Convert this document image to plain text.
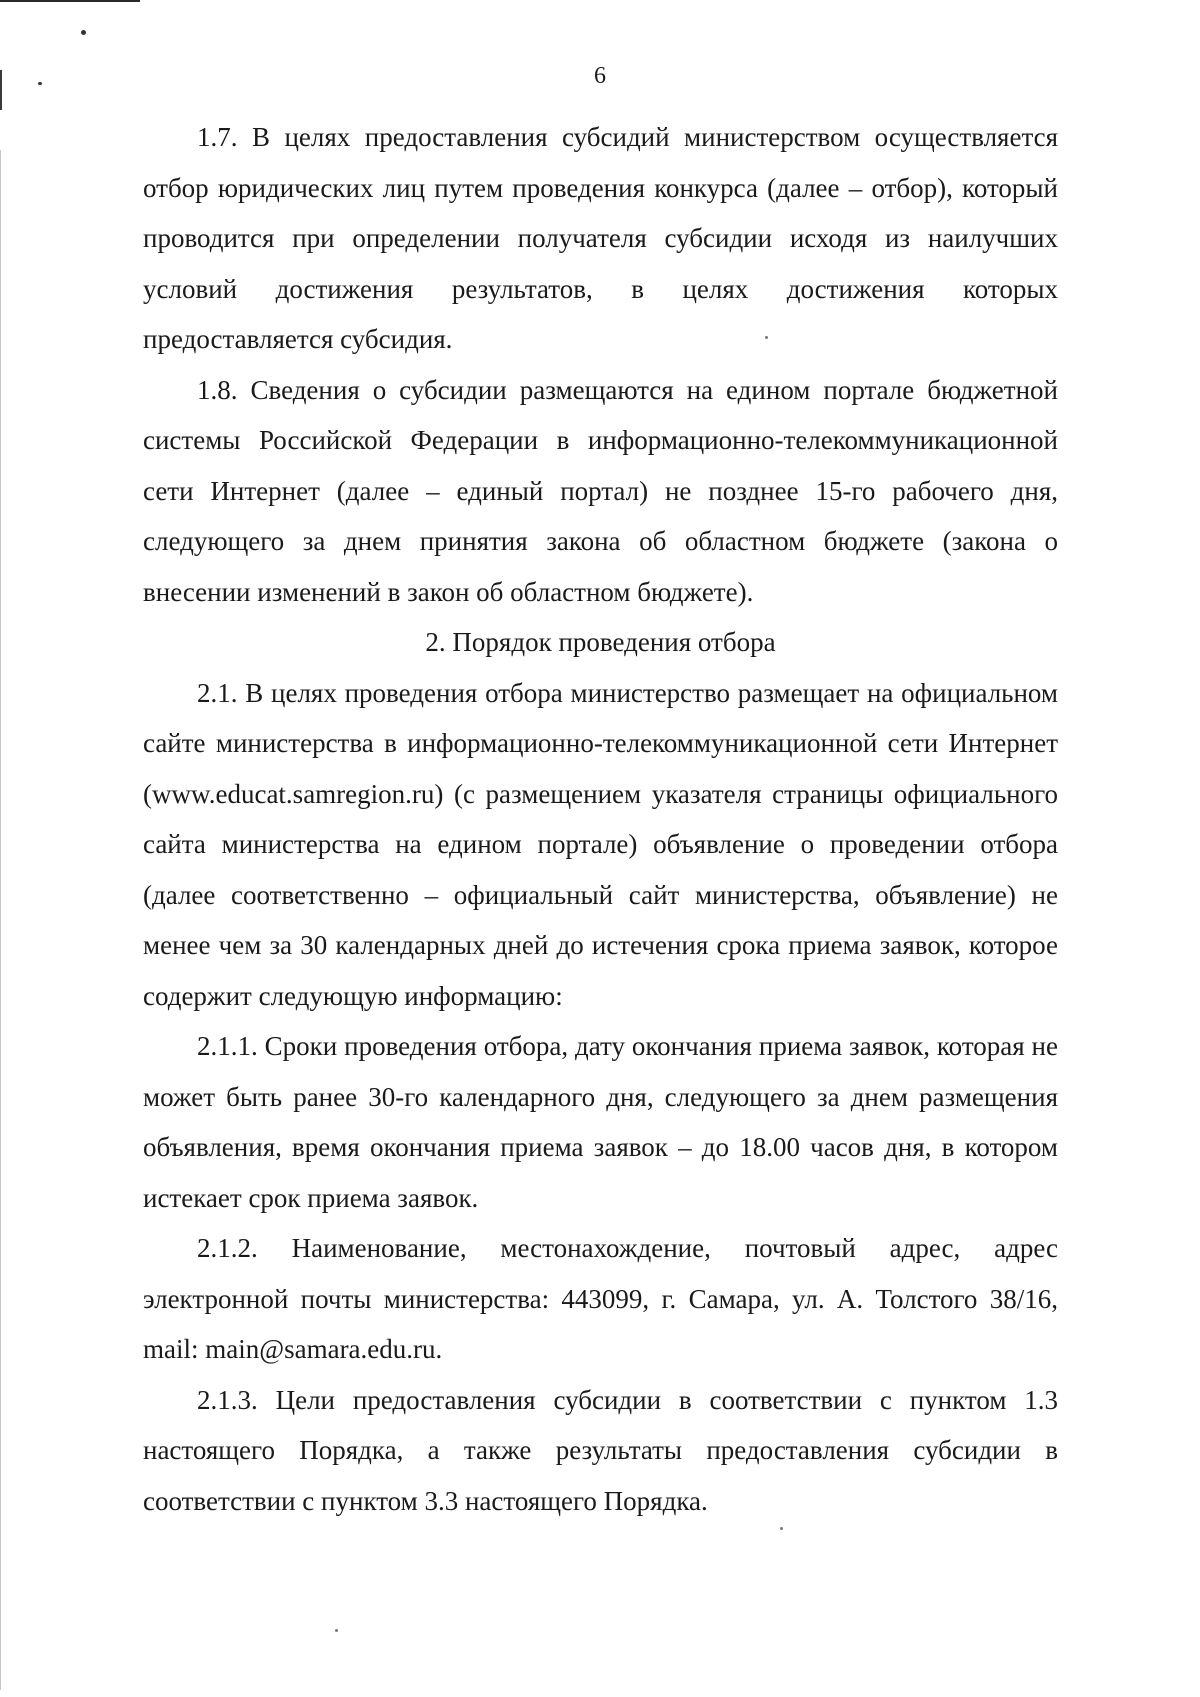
6

1.7. В целях предоставления субсидий министерством осуществляется отбор юридических лиц путем проведения конкурса (далее – отбор), который проводится при определении получателя субсидии исходя из наилучших условий достижения результатов, в целях достижения которых предоставляется субсидия.

1.8. Сведения о субсидии размещаются на едином портале бюджетной системы Российской Федерации в информационно-телекоммуникационной сети Интернет (далее – единый портал) не позднее 15-го рабочего дня, следующего за днем принятия закона об областном бюджете (закона о внесении изменений в закон об областном бюджете).

2. Порядок проведения отбора

2.1. В целях проведения отбора министерство размещает на официальном сайте министерства в информационно-телекоммуникационной сети Интернет (www.educat.samregion.ru) (с размещением указателя страницы официального сайта министерства на едином портале) объявление о проведении отбора (далее соответственно – официальный сайт министерства, объявление) не менее чем за 30 календарных дней до истечения срока приема заявок, которое содержит следующую информацию:

2.1.1. Сроки проведения отбора, дату окончания приема заявок, которая не может быть ранее 30-го календарного дня, следующего за днем размещения объявления, время окончания приема заявок – до 18.00 часов дня, в котором истекает срок приема заявок.

2.1.2. Наименование, местонахождение, почтовый адрес, адрес электронной почты министерства: 443099, г. Самара, ул. А. Толстого 38/16, mail: main@samara.edu.ru.

2.1.3. Цели предоставления субсидии в соответствии с пунктом 1.3 настоящего Порядка, а также результаты предоставления субсидии в соответствии с пунктом 3.3 настоящего Порядка.
